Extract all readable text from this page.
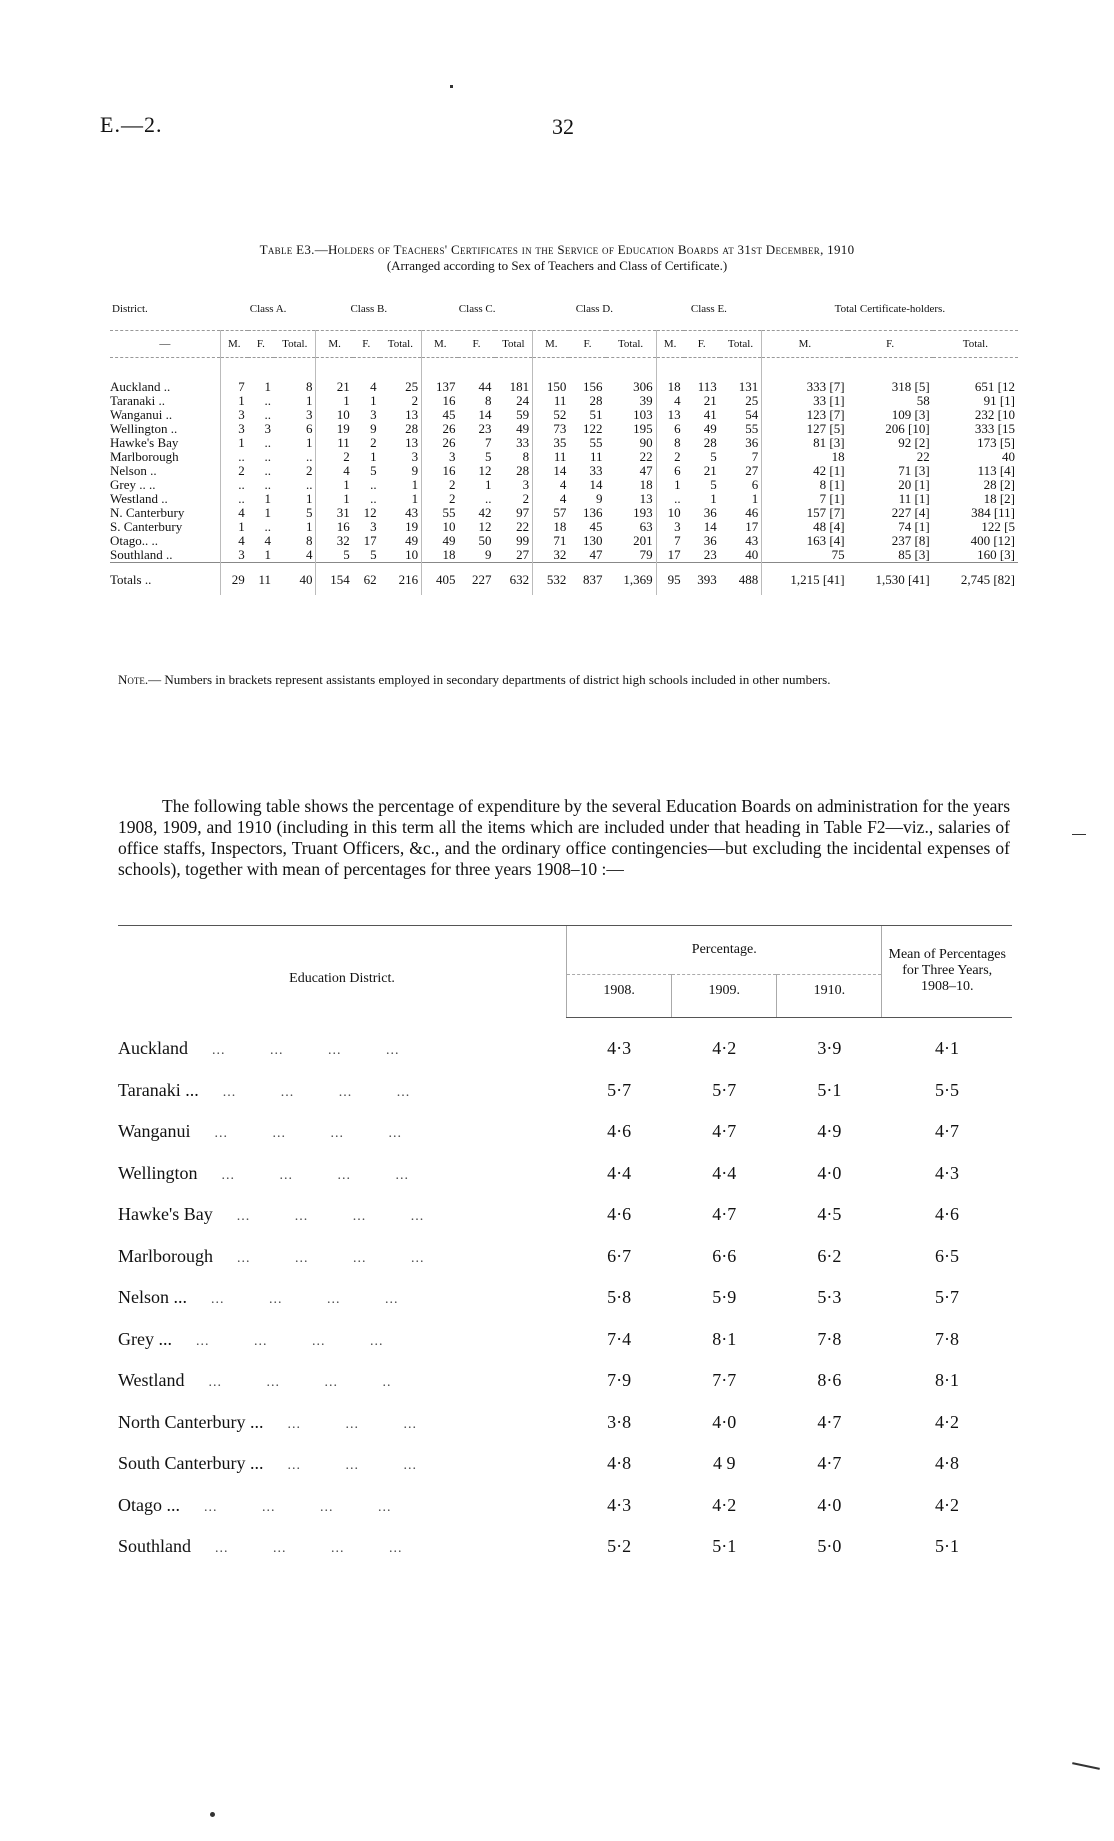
E.—2.	32
Table E3.—Holders of Teachers' Certificates in the Service of Education Boards at 31st December, 1910
(Arranged according to Sex of Teachers and Class of Certificate.)
District.	Class A.			Class B.			Class C.			Class D.			Class E.			Total Certificate-holders.		
—	M.	F.	Total.	M.	F.	Total.	M.	F.	Total	M.	F.	Total.	M.	F.	Total.	M.	F.	Total.
Auckland ..	7	1	8	21	4	25	137	44	181	150	156	306	18	113	131	333 [7]	318 [5]	651 [12
Taranaki ..	1	..	1	1	1	2	16	8	24	11	28	39	4	21	25	33 [1]	58	91 [1]
Wanganui ..	3	..	3	10	3	13	45	14	59	52	51	103	13	41	54	123 [7]	109 [3]	232 [10
Wellington ..	3	3	6	19	9	28	26	23	49	73	122	195	6	49	55	127 [5]	206 [10]	333 [15
Hawke's Bay	1	..	1	11	2	13	26	7	33	35	55	90	8	28	36	81 [3]	92 [2]	173 [5]
Marlborough	..	..	..	2	1	3	3	5	8	11	11	22	2	5	7	18	22	40
Nelson ..	2	..	2	4	5	9	16	12	28	14	33	47	6	21	27	42 [1]	71 [3]	113 [4]
Grey .. ..	..	..	..	1	..	1	2	1	3	4	14	18	1	5	6	8 [1]	20 [1]	28 [2]
Westland ..	..	1	1	1	..	1	2	..	2	4	9	13	..	1	1	7 [1]	11 [1]	18 [2]
N. Canterbury	4	1	5	31	12	43	55	42	97	57	136	193	10	36	46	157 [7]	227 [4]	384 [11]
S. Canterbury	1	..	1	16	3	19	10	12	22	18	45	63	3	14	17	48 [4]	74 [1]	122 [5
Otago.. ..	4	4	8	32	17	49	49	50	99	71	130	201	7	36	43	163 [4]	237 [8]	400 [12]
Southland ..	3	1	4	5	5	10	18	9	27	32	47	79	17	23	40	75	85 [3]	160 [3]
Totals ..	29	11	40	154	62	216	405	227	632	532	837	1,369	95	393	488	1,215 [41]	1,530 [41]	2,745 [82]
Note.— Numbers in brackets represent assistants employed in secondary departments of district high schools included in other numbers.

The following table shows the percentage of expenditure by the several Education Boards on administration for the years 1908, 1909, and 1910 (including in this term all the items which are included under that heading in Table F2—viz., salaries of office staffs, Inspectors, Truant Officers, &c., and the ordinary office contingencies—but excluding the incidental expenses of schools), together with mean of percentages for three years 1908–10 :—

Education District.	Percentage.			Mean of Percentages for Three Years, 1908–10.
	1908.	1909.	1910.	
Auckland ... ... ... ...	4·3	4·2	3·9	4·1
Taranaki ... ... ... ... ...	5·7	5·7	5·1	5·5
Wanganui ... ... ... ...	4·6	4·7	4·9	4·7
Wellington ... ... ... ...	4·4	4·4	4·0	4·3
Hawke's Bay ... ... ... ...	4·6	4·7	4·5	4·6
Marlborough ... ... ... ...	6·7	6·6	6·2	6·5
Nelson ... ... ... ... ...	5·8	5·9	5·3	5·7
Grey ... ... ... ... ...	7·4	8·1	7·8	7·8
Westland ... ... ... ..	7·9	7·7	8·6	8·1
North Canterbury ... ... ... ...	3·8	4·0	4·7	4·2
South Canterbury ... ... ... ...	4·8	4 9	4·7	4·8
Otago ... ... ... ... ...	4·3	4·2	4·0	4·2
Southland ... ... ... ...	5·2	5·1	5·0	5·1
